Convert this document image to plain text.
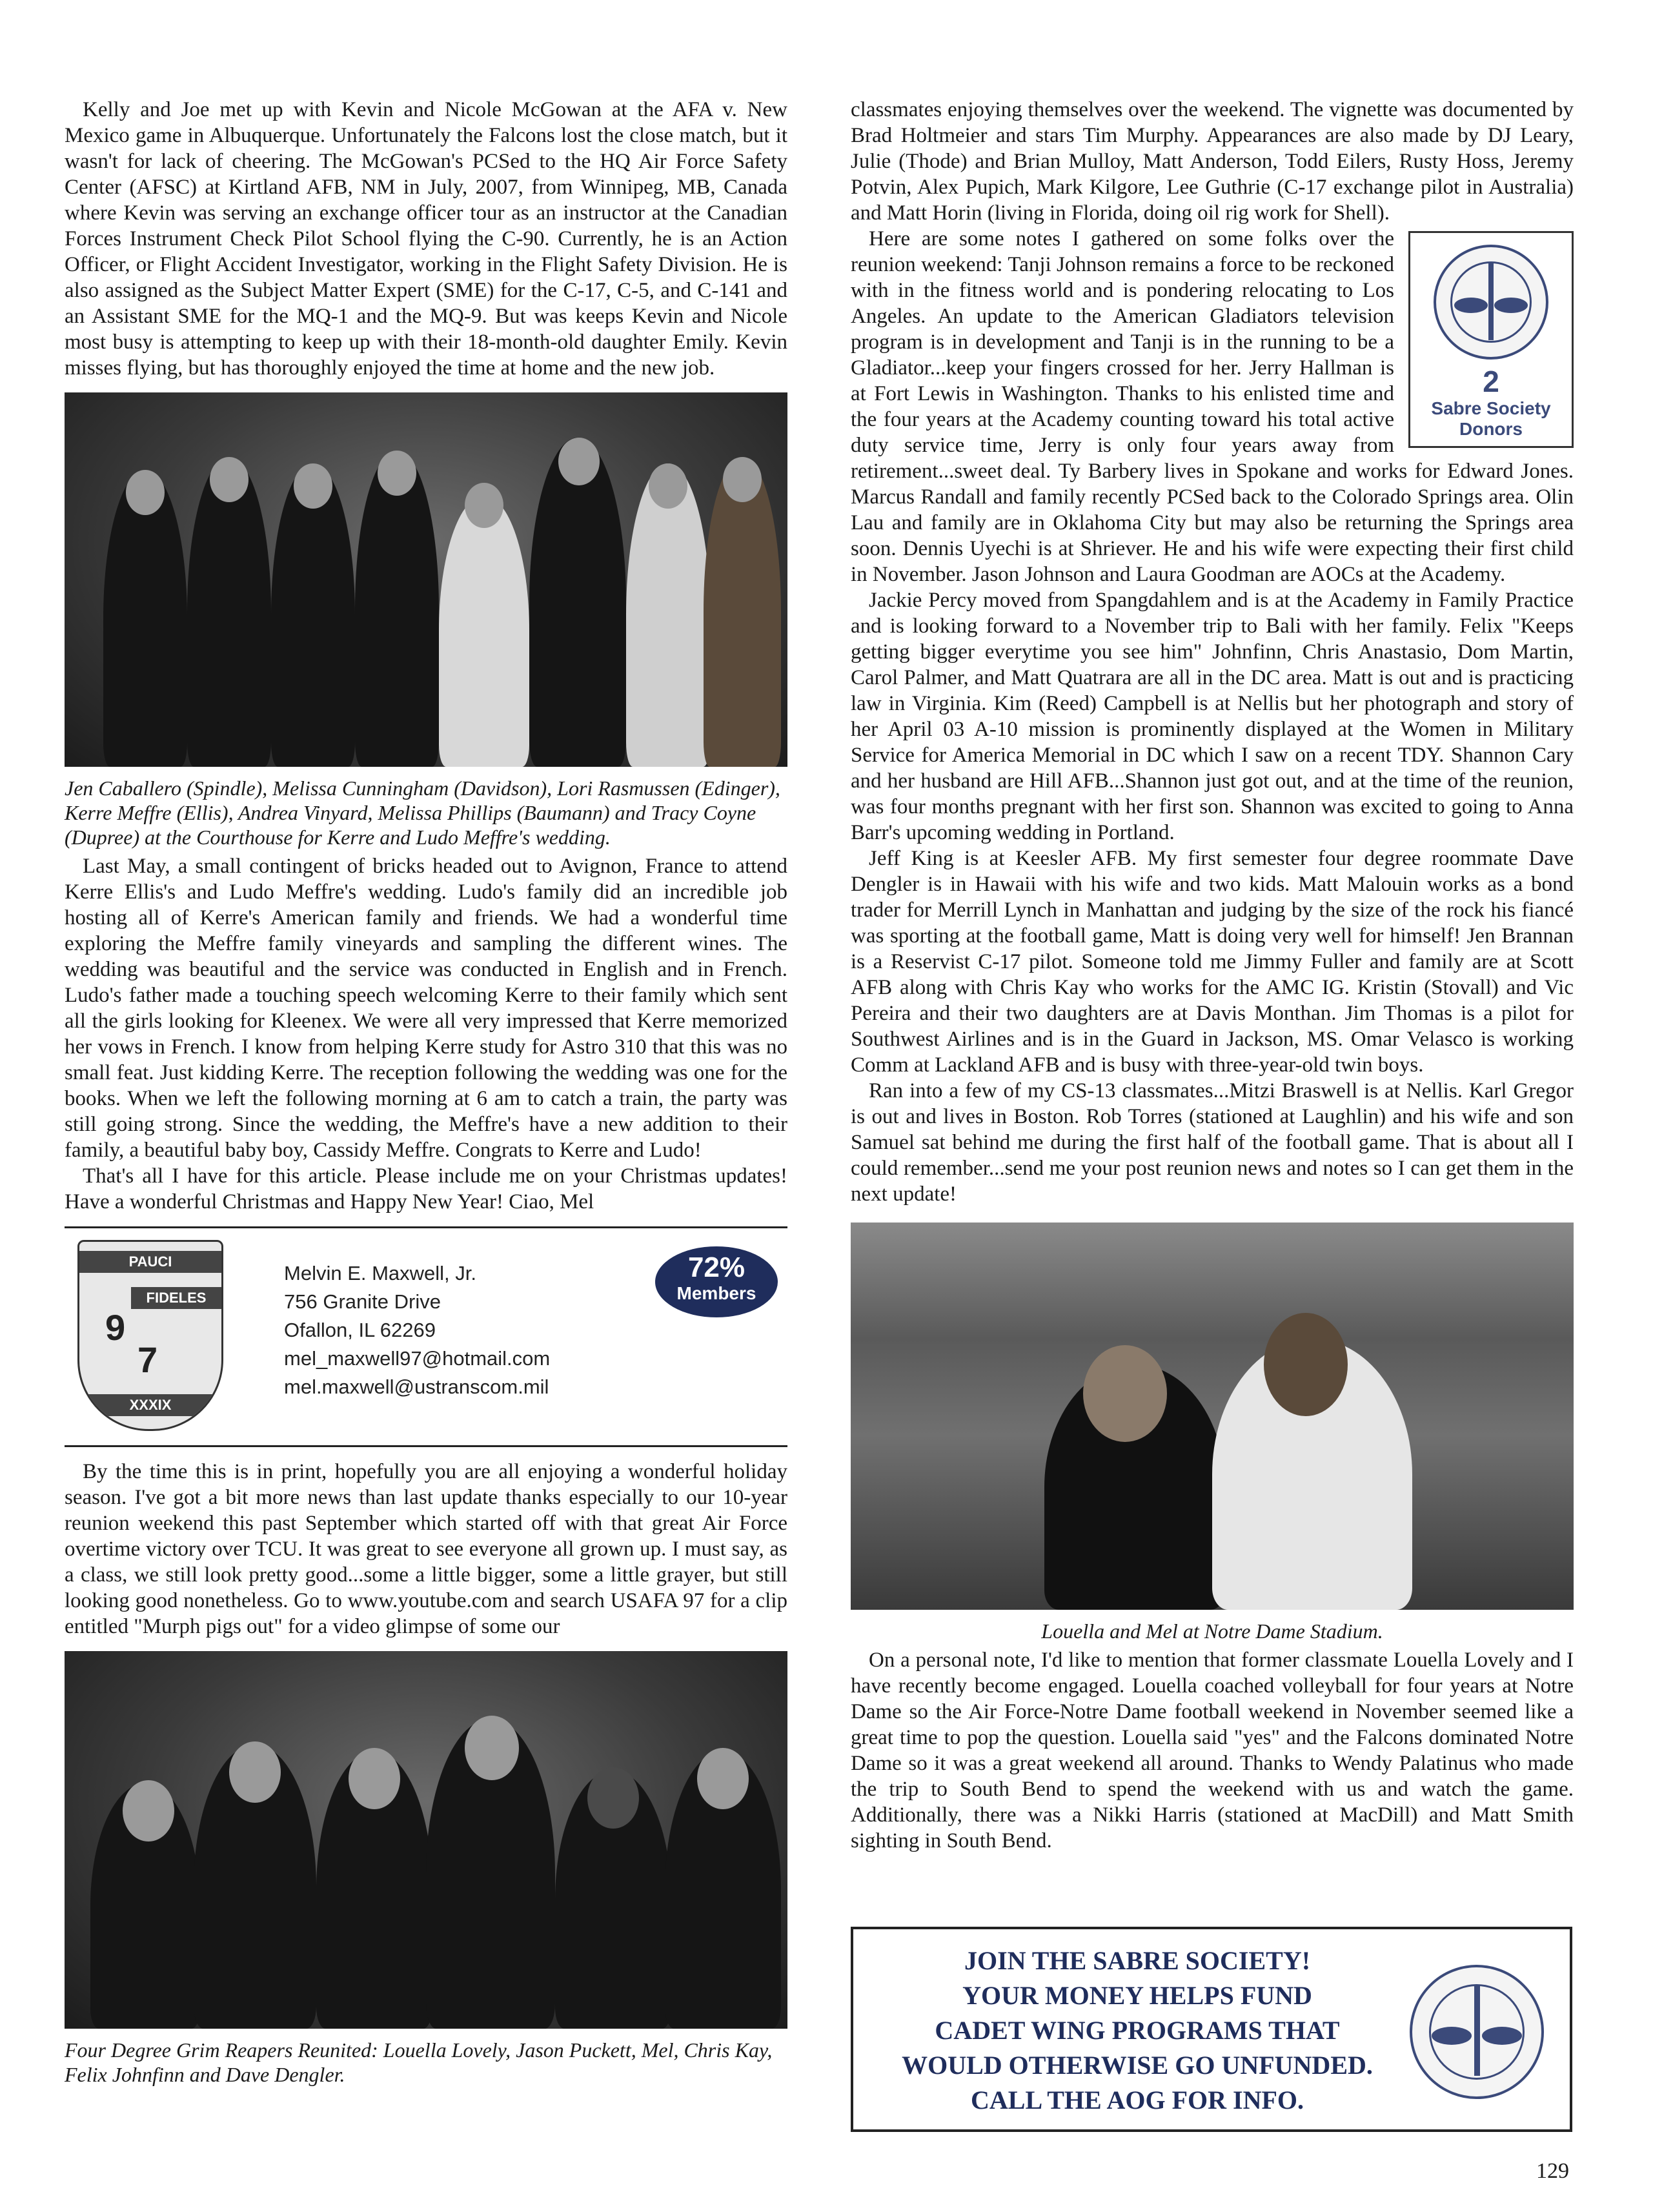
Kelly and Joe met up with Kevin and Nicole McGowan at the AFA v. New Mexico game in Albuquerque. Unfortunately the Falcons lost the close match, but it wasn't for lack of cheering. The McGowan's PCSed to the HQ Air Force Safety Center (AFSC) at Kirtland AFB, NM in July, 2007, from Winnipeg, MB, Canada where Kevin was serving an exchange officer tour as an instructor at the Canadian Forces Instrument Check Pilot School flying the C-90. Currently, he is an Action Officer, or Flight Accident Investigator, working in the Flight Safety Division. He is also assigned as the Subject Matter Expert (SME) for the C-17, C-5, and C-141 and an Assistant SME for the MQ-1 and the MQ-9. But was keeps Kevin and Nicole most busy is attempting to keep up with their 18-month-old daughter Emily. Kevin misses flying, but has thoroughly enjoyed the time at home and the new job.

Jen Caballero (Spindle), Melissa Cunningham (Davidson), Lori Rasmussen (Edinger), Kerre Meffre (Ellis), Andrea Vinyard, Melissa Phillips (Baumann) and Tracy Coyne (Dupree) at the Courthouse for Kerre and Ludo Meffre's wedding.

Last May, a small contingent of bricks headed out to Avignon, France to attend Kerre Ellis's and Ludo Meffre's wedding. Ludo's family did an incredible job hosting all of Kerre's American family and friends. We had a wonderful time exploring the Meffre family vineyards and sampling the different wines. The wedding was beautiful and the service was conducted in English and in French. Ludo's father made a touching speech welcoming Kerre to their family which sent all the girls looking for Kleenex. We were all very impressed that Kerre memorized her vows in French. I know from helping Kerre study for Astro 310 that this was no small feat. Just kidding Kerre. The reception following the wedding was one for the books. When we left the following morning at 6 am to catch a train, the party was still going strong. Since the wedding, the Meffre's have a new addition to their family, a beautiful baby boy, Cassidy Meffre. Congrats to Kerre and Ludo!

That's all I have for this article. Please include me on your Christmas updates! Have a wonderful Christmas and Happy New Year! Ciao, Mel

PAUCI
FIDELES
9
7
XXXIX
Melvin E. Maxwell, Jr.
756 Granite Drive
Ofallon, IL 62269
mel_maxwell97@hotmail.com
mel.maxwell@ustranscom.mil
72%
Members

By the time this is in print, hopefully you are all enjoying a wonderful holiday season. I've got a bit more news than last update thanks especially to our 10-year reunion weekend this past September which started off with that great Air Force overtime victory over TCU. It was great to see everyone all grown up. I must say, as a class, we still look pretty good...some a little bigger, some a little grayer, but still looking good nonetheless. Go to www.youtube.com and search USAFA 97 for a clip entitled "Murph pigs out" for a video glimpse of some our

Four Degree Grim Reapers Reunited: Louella Lovely, Jason Puckett, Mel, Chris Kay, Felix Johnfinn and Dave Dengler.

classmates enjoying themselves over the weekend. The vignette was documented by Brad Holtmeier and stars Tim Murphy. Appearances are also made by DJ Leary, Julie (Thode) and Brian Mulloy, Matt Anderson, Todd Eilers, Rusty Hoss, Jeremy Potvin, Alex Pupich, Mark Kilgore, Lee Guthrie (C-17 exchange pilot in Australia) and Matt Horin (living in Florida, doing oil rig work for Shell).

2
Sabre Society
Donors

Here are some notes I gathered on some folks over the reunion weekend: Tanji Johnson remains a force to be reckoned with in the fitness world and is pondering relocating to Los Angeles. An update to the American Gladiators television program is in development and Tanji is in the running to be a Gladiator...keep your fingers crossed for her. Jerry Hallman is at Fort Lewis in Washington. Thanks to his enlisted time and the four years at the Academy counting toward his total active duty service time, Jerry is only four years away from retirement...sweet deal. Ty Barbery lives in Spokane and works for Edward Jones. Marcus Randall and family recently PCSed back to the Colorado Springs area. Olin Lau and family are in Oklahoma City but may also be returning the Springs area soon. Dennis Uyechi is at Shriever. He and his wife were expecting their first child in November. Jason Johnson and Laura Goodman are AOCs at the Academy.

Jackie Percy moved from Spangdahlem and is at the Academy in Family Practice and is looking forward to a November trip to Bali with her family. Felix "Keeps getting bigger everytime you see him" Johnfinn, Chris Anastasio, Dom Martin, Carol Palmer, and Matt Quatrara are all in the DC area. Matt is out and is practicing law in Virginia. Kim (Reed) Campbell is at Nellis but her photograph and story of her April 03 A-10 mission is prominently displayed at the Women in Military Service for America Memorial in DC which I saw on a recent TDY. Shannon Cary and her husband are Hill AFB...Shannon just got out, and at the time of the reunion, was four months pregnant with her first son. Shannon was excited to going to Anna Barr's upcoming wedding in Portland.

Jeff King is at Keesler AFB. My first semester four degree roommate Dave Dengler is in Hawaii with his wife and two kids. Matt Malouin works as a bond trader for Merrill Lynch in Manhattan and judging by the size of the rock his fiancé was sporting at the football game, Matt is doing very well for himself! Jen Brannan is a Reservist C-17 pilot. Someone told me Jimmy Fuller and family are at Scott AFB along with Chris Kay who works for the AMC IG. Kristin (Stovall) and Vic Pereira and their two daughters are at Davis Monthan. Jim Thomas is a pilot for Southwest Airlines and is in the Guard in Jackson, MS. Omar Velasco is working Comm at Lackland AFB and is busy with three-year-old twin boys.

Ran into a few of my CS-13 classmates...Mitzi Braswell is at Nellis. Karl Gregor is out and lives in Boston. Rob Torres (stationed at Laughlin) and his wife and son Samuel sat behind me during the first half of the football game. That is about all I could remember...send me your post reunion news and notes so I can get them in the next update!

Louella and Mel at Notre Dame Stadium.

On a personal note, I'd like to mention that former classmate Louella Lovely and I have recently become engaged. Louella coached volleyball for four years at Notre Dame so the Air Force-Notre Dame football weekend in November seemed like a great time to pop the question. Louella said "yes" and the Falcons dominated Notre Dame so it was a great weekend all around. Thanks to Wendy Palatinus who made the trip to South Bend to spend the weekend with us and watch the game. Additionally, there was a Nikki Harris (stationed at MacDill) and Matt Smith sighting in South Bend.

JOIN THE SABRE SOCIETY!
YOUR MONEY HELPS FUND
CADET WING PROGRAMS THAT
WOULD OTHERWISE GO UNFUNDED.
CALL THE AOG FOR INFO.
129
